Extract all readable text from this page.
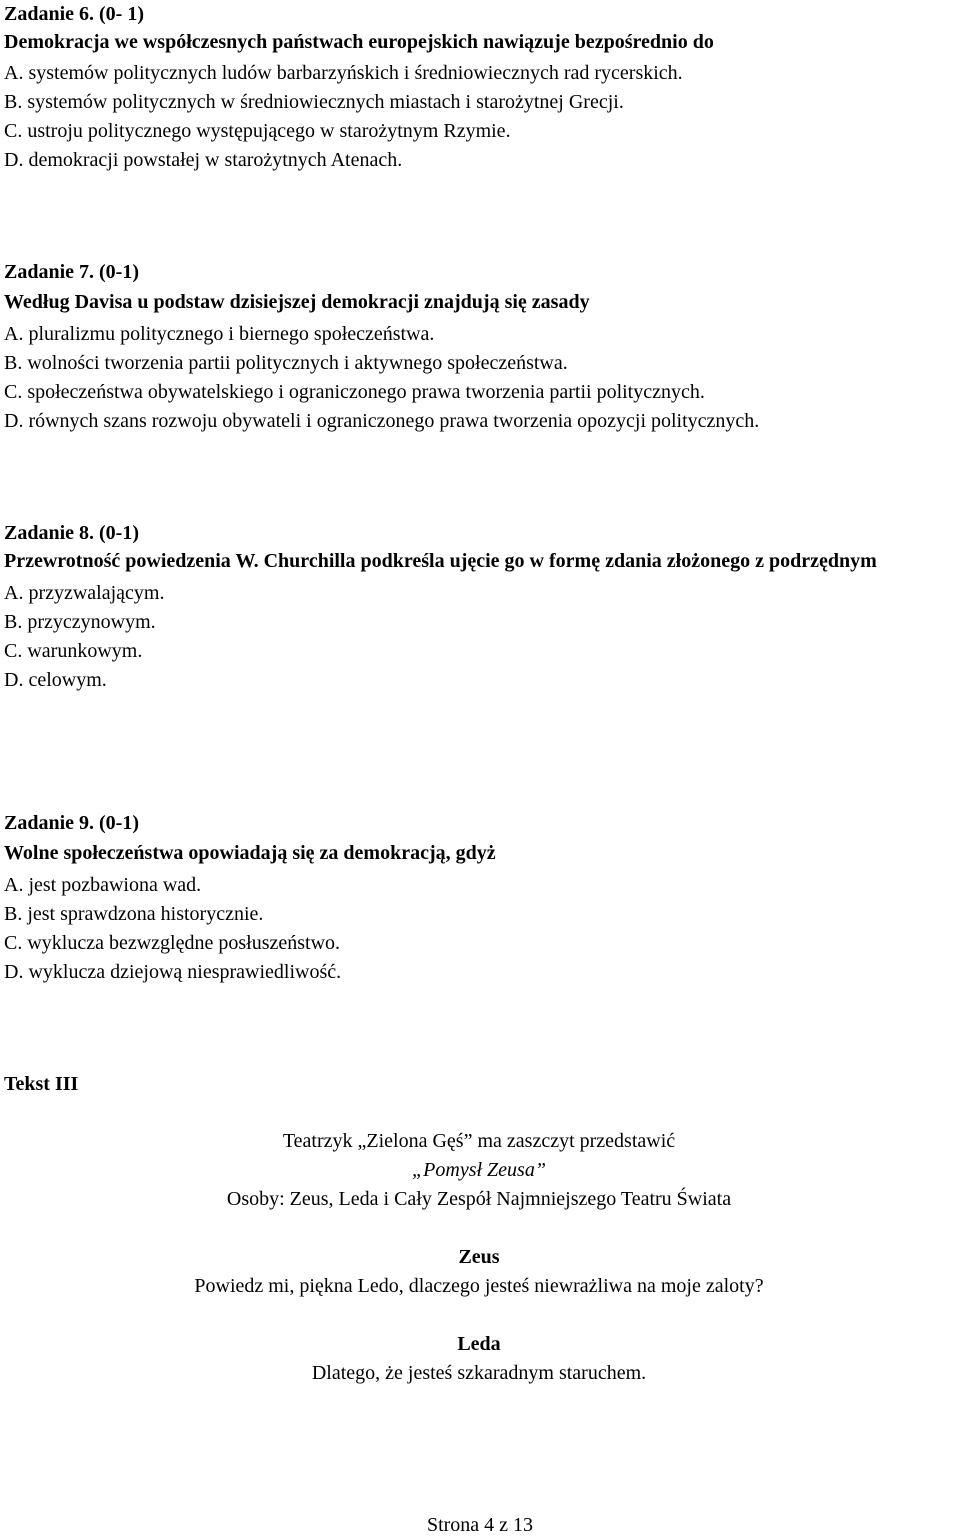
Zadanie 6. (0- 1)
Demokracja we współczesnych państwach europejskich nawiązuje bezpośrednio do
A. systemów politycznych ludów barbarzyńskich i średniowiecznych rad rycerskich.
B. systemów politycznych w średniowiecznych miastach i starożytnej Grecji.
C. ustroju politycznego występującego w starożytnym Rzymie.
D. demokracji powstałej w starożytnych Atenach.
Zadanie 7. (0-1)
Według Davisa u podstaw dzisiejszej demokracji znajdują się zasady
A. pluralizmu politycznego i biernego społeczeństwa.
B. wolności tworzenia partii politycznych i aktywnego społeczeństwa.
C. społeczeństwa obywatelskiego i ograniczonego prawa tworzenia partii politycznych.
D. równych szans rozwoju obywateli i ograniczonego prawa tworzenia opozycji politycznych.
Zadanie 8. (0-1)
Przewrotność powiedzenia W. Churchilla podkreśla ujęcie go w formę zdania złożonego z podrzędnym
A. przyzwalającym.
B. przyczynowym.
C. warunkowym.
D. celowym.
Zadanie 9. (0-1)
Wolne społeczeństwa opowiadają się za demokracją, gdyż
A. jest pozbawiona wad.
B. jest sprawdzona historycznie.
C. wyklucza bezwzględne posłuszeństwo.
D. wyklucza dziejową niesprawiedliwość.
Tekst III
Teatrzyk „Zielona Gęś” ma zaszczyt przedstawić
„Pomysł Zeusa”
Osoby: Zeus, Leda i Cały Zespół Najmniejszego Teatru Świata
Zeus
Powiedz mi, piękna Ledo, dlaczego jesteś niewrażliwa na moje zaloty?
Leda
Dlatego, że jesteś szkaradnym staruchem.
Strona 4 z 13
